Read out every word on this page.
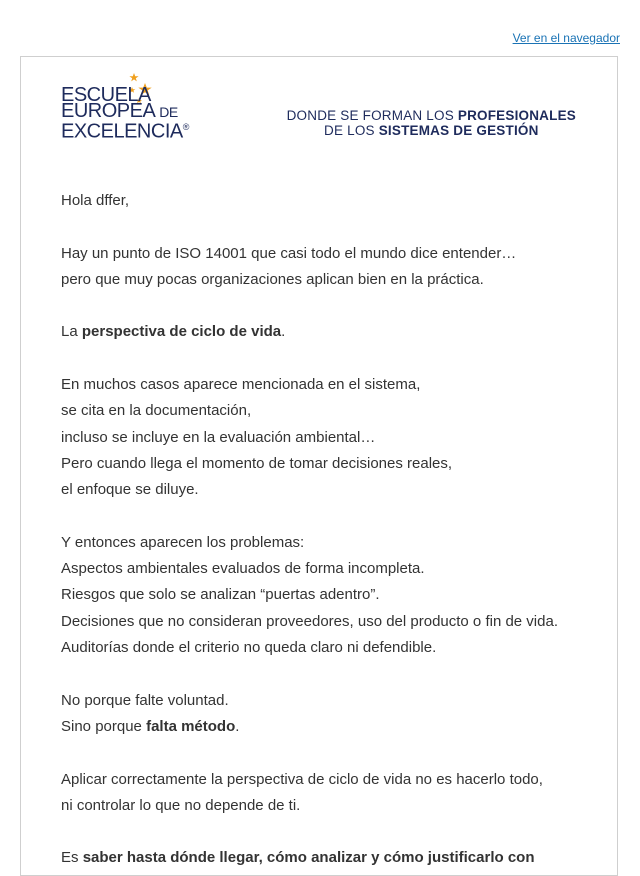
Ver en el navegador
ESCUELA
EUROPEA DE
EXCELENCIA®
DONDE SE FORMAN LOS PROFESIONALES
DE LOS SISTEMAS DE GESTIÓN

Hola dffer,

Hay un punto de ISO 14001 que casi todo el mundo dice entender…

pero que muy pocas organizaciones aplican bien en la práctica.

La perspectiva de ciclo de vida.

En muchos casos aparece mencionada en el sistema,

se cita en la documentación,

incluso se incluye en la evaluación ambiental…

Pero cuando llega el momento de tomar decisiones reales,

el enfoque se diluye.

Y entonces aparecen los problemas:

Aspectos ambientales evaluados de forma incompleta.

Riesgos que solo se analizan “puertas adentro”.

Decisiones que no consideran proveedores, uso del producto o fin de vida.

Auditorías donde el criterio no queda claro ni defendible.

No porque falte voluntad.

Sino porque falta método.

Aplicar correctamente la perspectiva de ciclo de vida no es hacerlo todo,

ni controlar lo que no depende de ti.

Es saber hasta dónde llegar, cómo analizar y cómo justificarlo con
